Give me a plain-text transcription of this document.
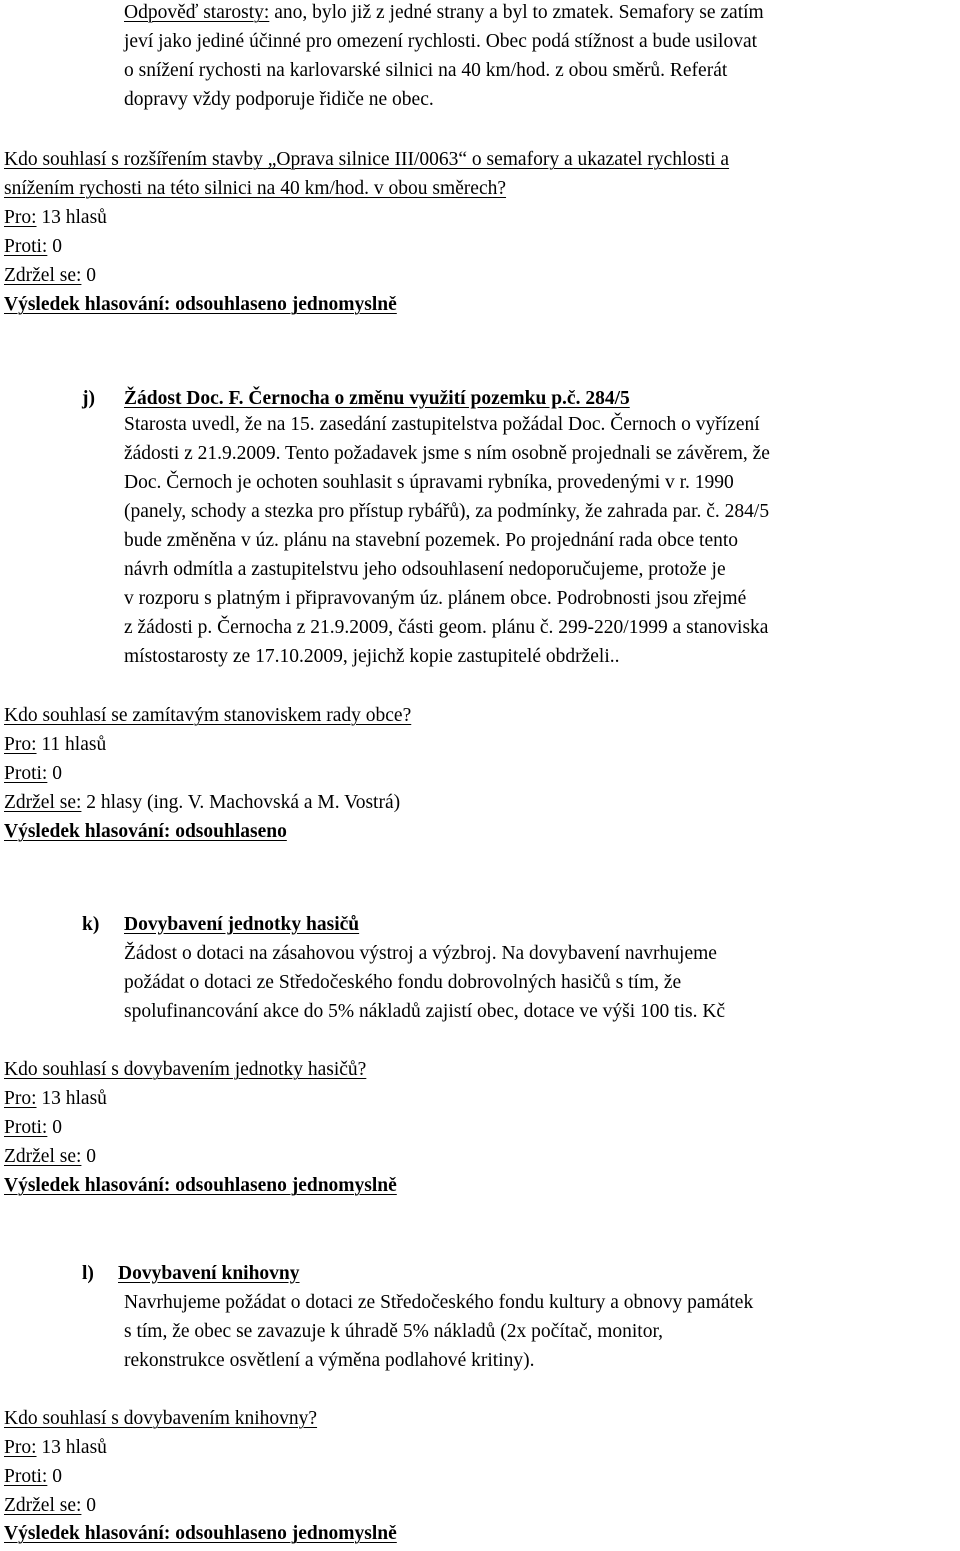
Odpověď starosty: ano, bylo již z jedné strany a byl to zmatek. Semafory se zatím
jeví jako jediné účinné pro omezení rychlosti. Obec podá stížnost a bude usilovat
o snížení rychosti na karlovarské silnici na 40 km/hod. z obou směrů. Referát
dopravy vždy podporuje řidiče ne obec.
Kdo souhlasí s rozšířením stavby „Oprava silnice III/0063“ o semafory a ukazatel rychlosti a
snížením rychosti na této silnici na 40 km/hod. v obou směrech?
Pro: 13 hlasů
Proti: 0
Zdržel se: 0
Výsledek hlasování: odsouhlaseno jednomyslně
j) Žádost Doc. F. Černocha o změnu využití pozemku p.č. 284/5
Starosta uvedl, že na 15. zasedání zastupitelstva požádal Doc. Černoch o vyřízení
žádosti z 21.9.2009. Tento požadavek jsme s ním osobně projednali se závěrem, že
Doc. Černoch je ochoten souhlasit s úpravami rybníka, provedenými v r. 1990
(panely, schody a stezka pro přístup rybářů), za podmínky, že zahrada par. č. 284/5
bude změněna v úz. plánu na stavební pozemek. Po projednání rada obce tento
návrh odmítla a zastupitelstvu jeho odsouhlasení nedoporučujeme, protože je
v rozporu s platným i připravovaným úz. plánem obce. Podrobnosti jsou zřejmé
z žádosti p. Černocha z 21.9.2009, části geom. plánu č. 299-220/1999 a stanoviska
místostarosty ze 17.10.2009, jejichž kopie zastupitelé obdrželi..
Kdo souhlasí se zamítavým stanoviskem rady obce?
Pro: 11 hlasů
Proti: 0
Zdržel se: 2 hlasy (ing. V. Machovská a M. Vostrá)
Výsledek hlasování: odsouhlaseno
k) Dovybavení jednotky hasičů
Žádost o dotaci na zásahovou výstroj a výzbroj. Na dovybavení navrhujeme
požádat o dotaci ze Středočeského fondu dobrovolných hasičů s tím, že
spolufinancování akce do 5% nákladů zajistí obec, dotace ve výši 100 tis. Kč
Kdo souhlasí s dovybavením jednotky hasičů?
Pro: 13 hlasů
Proti: 0
Zdržel se: 0
Výsledek hlasování: odsouhlaseno jednomyslně
l) Dovybavení knihovny
Navrhujeme požádat o dotaci ze Středočeského fondu kultury a obnovy památek
s tím, že obec se zavazuje k úhradě 5% nákladů (2x počítač, monitor,
rekonstrukce osvětlení a výměna podlahové kritiny).
Kdo souhlasí s dovybavením knihovny?
Pro: 13 hlasů
Proti: 0
Zdržel se: 0
Výsledek hlasování: odsouhlaseno jednomyslně
